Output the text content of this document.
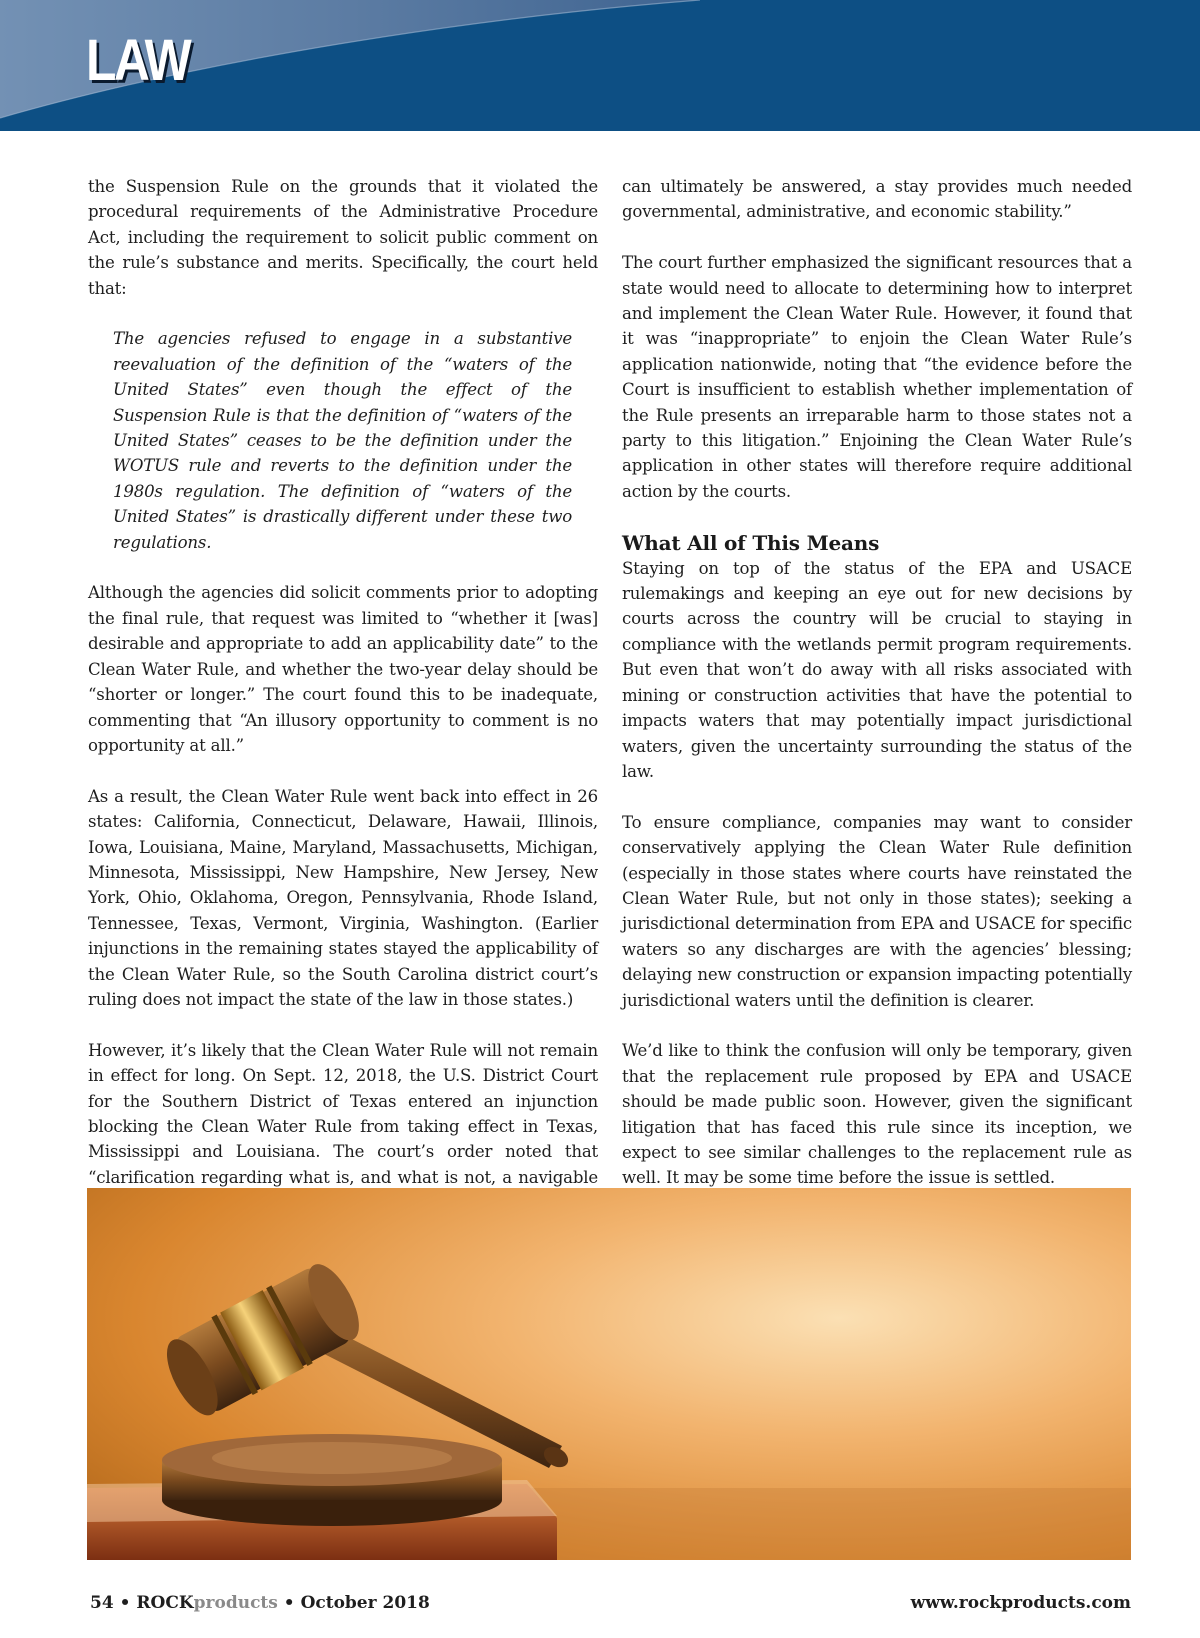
LAW

the Suspension Rule on the grounds that it violated the procedural requirements of the Administrative Procedure Act, including the requirement to solicit public comment on the rule’s substance and merits. Specifically, the court held that:

The agencies refused to engage in a substantive reevaluation of the definition of the “waters of the United States” even though the effect of the Suspension Rule is that the definition of “waters of the United States” ceases to be the definition under the WOTUS rule and reverts to the definition under the 1980s regulation. The definition of “waters of the United States” is drastically different under these two regulations.

Although the agencies did solicit comments prior to adopting the final rule, that request was limited to “whether it [was] desirable and appropriate to add an applicability date” to the Clean Water Rule, and whether the two-year delay should be “shorter or longer.” The court found this to be inadequate, commenting that “An illusory opportunity to comment is no opportunity at all.”

As a result, the Clean Water Rule went back into effect in 26 states: California, Connecticut, Delaware, Hawaii, Illinois, Iowa, Louisiana, Maine, Maryland, Massachusetts, Michigan, Minnesota, Mississippi, New Hampshire, New Jersey, New York, Ohio, Oklahoma, Oregon, Pennsylvania, Rhode Island, Tennessee, Texas, Vermont, Virginia, Washington. (Earlier injunctions in the remaining states stayed the applicability of the Clean Water Rule, so the South Carolina district court’s ruling does not impact the state of the law in those states.)

However, it’s likely that the Clean Water Rule will not remain in effect for long. On Sept. 12, 2018, the U.S. District Court for the Southern District of Texas entered an injunction blocking the Clean Water Rule from taking effect in Texas, Mississippi and Louisiana. The court’s order noted that “clarification regarding what is, and what is not, a navigable

can ultimately be answered, a stay provides much needed governmental, administrative, and economic stability.”

The court further emphasized the significant resources that a state would need to allocate to determining how to interpret and implement the Clean Water Rule. However, it found that it was “inappropriate” to enjoin the Clean Water Rule’s application nationwide, noting that “the evidence before the Court is insufficient to establish whether implementation of the Rule presents an irreparable harm to those states not a party to this litigation.” Enjoining the Clean Water Rule’s application in other states will therefore require additional action by the courts.

What All of This Means

Staying on top of the status of the EPA and USACE rulemakings and keeping an eye out for new decisions by courts across the country will be crucial to staying in compliance with the wetlands permit program requirements. But even that won’t do away with all risks associated with mining or construction activities that have the potential to impacts waters that may potentially impact jurisdictional waters, given the uncertainty surrounding the status of the law.

To ensure compliance, companies may want to consider conservatively applying the Clean Water Rule definition (especially in those states where courts have reinstated the Clean Water Rule, but not only in those states); seeking a jurisdictional determination from EPA and USACE for specific waters so any discharges are with the agencies’ blessing; delaying new construction or expansion impacting potentially jurisdictional waters until the definition is clearer.

We’d like to think the confusion will only be temporary, given that the replacement rule proposed by EPA and USACE should be made public soon. However, given the significant litigation that has faced this rule since its inception, we expect to see similar challenges to the replacement rule as well. It may be some time before the issue is settled.

54 • ROCKproducts • October 2018	www.rockproducts.com
